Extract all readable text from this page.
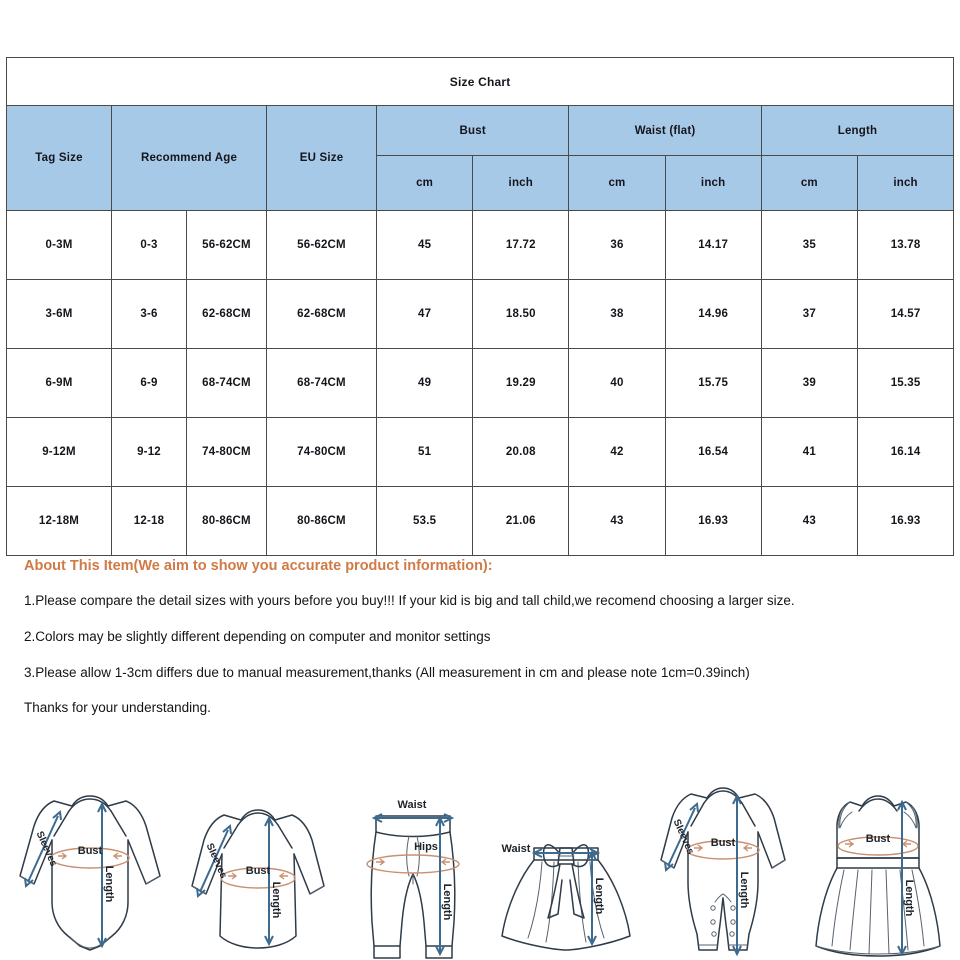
Size Chart									
Tag Size	Recommend Age		EU Size	Bust		Waist (flat)		Length	
				cm	inch	cm	inch	cm	inch
0-3M	0-3	56-62CM	56-62CM	45	17.72	36	14.17	35	13.78
3-6M	3-6	62-68CM	62-68CM	47	18.50	38	14.96	37	14.57
6-9M	6-9	68-74CM	68-74CM	49	19.29	40	15.75	39	15.35
9-12M	9-12	74-80CM	74-80CM	51	20.08	42	16.54	41	16.14
12-18M	12-18	80-86CM	80-86CM	53.5	21.06	43	16.93	43	16.93

About This Item(We aim to show you accurate product information):

1.Please compare the detail sizes with yours before you buy!!! If your kid is big and tall child,we recomend choosing a larger size.

2.Colors may be slightly different depending on computer and monitor settings

3.Please allow 1-3cm differs due to manual measurement,thanks (All measurement in cm and please note 1cm=0.39inch)

Thanks for your understanding.

Bust
Length
Sleeves
Bust
Length
Sleeves
Waist
Hips
Length
Waist
Length
Bust
Length
Sleeves	Bust
Length
